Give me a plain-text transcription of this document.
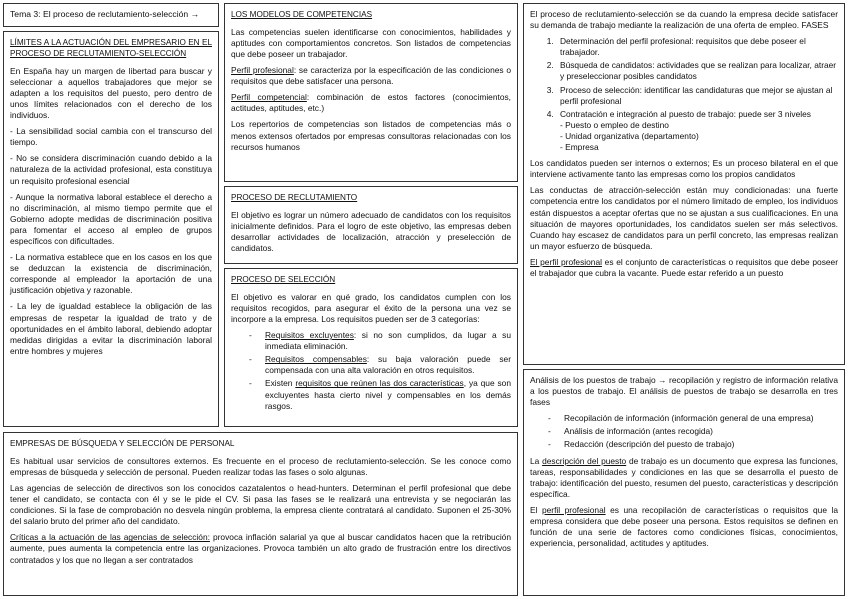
Tema 3: El proceso de reclutamiento-selección →

LÍMITES A LA ACTUACIÓN DEL EMPRESARIO EN EL PROCESO DE RECLUTAMIENTO-SELECCIÓN

En España hay un margen de libertad para buscar y seleccionar a aquellos trabajadores que mejor se adapten a los requisitos del puesto, pero dentro de unos límites relacionados con el derecho de los individuos.

- La sensibilidad social cambia con el transcurso del tiempo.

- No se considera discriminación cuando debido a la naturaleza de la actividad profesional, esta constituya un requisito profesional esencial

- Aunque la normativa laboral establece el derecho a no discriminación, al mismo tiempo permite que el Gobierno adopte medidas de discriminación positiva para fomentar el acceso al empleo de grupos específicos con dificultades.

- La normativa establece que en los casos en los que se deduzcan la existencia de discriminación, corresponde al empleador la aportación de una justificación objetiva y razonable.

- La ley de igualdad establece la obligación de las empresas de respetar la igualdad de trato y de oportunidades en el ámbito laboral, debiendo adoptar medidas dirigidas a evitar la discriminación laboral entre hombres y mujeres

LOS MODELOS DE COMPETENCIAS

Las competencias suelen identificarse con conocimientos, habilidades y aptitudes con comportamientos concretos. Son listados de competencias que debe poseer un trabajador.

Perfil profesional: se caracteriza por la especificación de las condiciones o requisitos que debe satisfacer una persona.

Perfil competencial: combinación de estos factores (conocimientos, actitudes, aptitudes, etc.)

Los repertorios de competencias son listados de competencias más o menos extensos ofertados por empresas consultoras relacionadas con los recursos humanos

PROCESO DE RECLUTAMIENTO

El objetivo es lograr un número adecuado de candidatos con los requisitos inicialmente definidos. Para el logro de este objetivo, las empresas deben desarrollar actividades de localización, atracción y preselección de candidatos.

PROCESO DE SELECCIÓN

El objetivo es valorar en qué grado, los candidatos cumplen con los requisitos recogidos, para asegurar el éxito de la persona una vez se incorpore a la empresa. Los requisitos pueden ser de 3 categorías:

- Requisitos excluyentes: si no son cumplidos, da lugar a su inmediata eliminación.
- Requisitos compensables: su baja valoración puede ser compensada con una alta valoración en otros requisitos.
- Existen requisitos que reúnen las dos características, ya que son excluyentes hasta cierto nivel y compensables en los demás rasgos.

EMPRESAS DE BÚSQUEDA Y SELECCIÓN DE PERSONAL

Es habitual usar servicios de consultores externos. Es frecuente en el proceso de reclutamiento-selección. Se les conoce como empresas de búsqueda y selección de personal. Pueden realizar todas las fases o solo algunas.

Las agencias de selección de directivos son los conocidos cazatalentos o head-hunters. Determinan el perfil profesional que debe tener el candidato, se contacta con él y se le pide el CV. Si pasa las fases se le realizará una entrevista y se negociarán las condiciones. Si la fase de comprobación no desvela ningún problema, la empresa cliente contratará al candidato. Suponen el 25-30% del salario bruto del primer año del candidato.

Críticas a la actuación de las agencias de selección: provoca inflación salarial ya que al buscar candidatos hacen que la retribución aumente, pues aumenta la competencia entre las organizaciones. Provoca también un alto grado de frustración entre los directivos contratados y los que no llegan a ser contratados

El proceso de reclutamiento-selección se da cuando la empresa decide satisfacer su demanda de trabajo mediante la realización de una oferta de empleo. FASES

1. Determinación del perfil profesional: requisitos que debe poseer el trabajador.
2. Búsqueda de candidatos: actividades que se realizan para localizar, atraer y preseleccionar posibles candidatos
3. Proceso de selección: identificar las candidaturas que mejor se ajustan al perfil profesional
4. Contratación e integración al puesto de trabajo: puede ser 3 niveles
- Puesto o empleo de destino
- Unidad organizativa (departamento)
- Empresa

Los candidatos pueden ser internos o externos; Es un proceso bilateral en el que interviene activamente tanto las empresas como los propios candidatos

Las conductas de atracción-selección están muy condicionadas: una fuerte competencia entre los candidatos por el número limitado de empleo, los individuos están dispuestos a aceptar ofertas que no se ajustan a sus cualificaciones. En una situación de mayores oportunidades, los candidatos suelen ser más selectivos. Cuando hay escasez de candidatos para un perfil concreto, las empresas realizan un mayor esfuerzo de búsqueda.

El perfil profesional es el conjunto de características o requisitos que debe poseer el trabajador que cubra la vacante. Puede estar referido a un puesto

Análisis de los puestos de trabajo → recopilación y registro de información relativa a los puestos de trabajo. El análisis de puestos de trabajo se desarrolla en tres fases

- Recopilación de información (información general de una empresa)
- Análisis de información (antes recogida)
- Redacción (descripción del puesto de trabajo)

La descripción del puesto de trabajo es un documento que expresa las funciones, tareas, responsabilidades y condiciones en las que se desarrolla el puesto de trabajo: identificación del puesto, resumen del puesto, características y descripción específica.

El perfil profesional es una recopilación de características o requisitos que la empresa considera que debe poseer una persona. Estos requisitos se definen en función de una serie de factores como condiciones físicas, conocimientos, experiencia, personalidad, actitudes y aptitudes.
